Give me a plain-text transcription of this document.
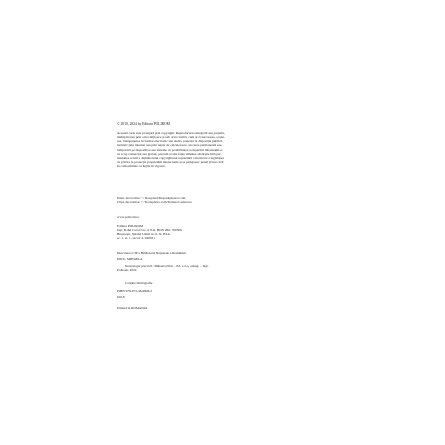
© 2010, 2024 by Editura POLIROM

Această carte este protejată prin copyright. Reproducerea integrală sau parțială,

multiplicarea prin orice mijloace și sub orice formă, cum ar fi xeroxarea, scane-

rea, transpunerea în format electronic sau audio, punerea la dispoziția publică,

inclusiv prin internet sau prin rețele de calculatoare, stocarea permanentă sau

temporară pe dispozitive sau sisteme cu posibilitatea recuperării informațiilor,

cu scop comercial sau gratuit, precum și alte fapte similare săvârșite fără per-

misiunea scrisă a deținătorului copyrightului reprezintă o încălcare a legislației

cu privire la protecția proprietății intelectuale și se pedepsesc penal și/sau civil

în conformitate cu legile în vigoare.

Ilustr. decorative: © Rawpixel/Depositphotos.com

Clipe decorative: © Stockphoto.com/Tetiana Lazunova

www.polirom.ro

Editura POLIROM

Iași, B-dul Carol I nr. 4; P.O. BOX 266, 700506

București, Splaiul Unirii nr. 6, bl. B3A,

sc. 1, et. 1, sector 4, 040031

Descrierea CIP a Bibliotecii Naționale a României:

DICU, MIHAELA

Neurologie practică / Mihaela Dicu – Ed. a 2-a, adaug. – Iași:

Polirom, 2024

Conține bibliografie

ISBN 978-973-46-9846-2

616.8

Printed in ROMANIA
